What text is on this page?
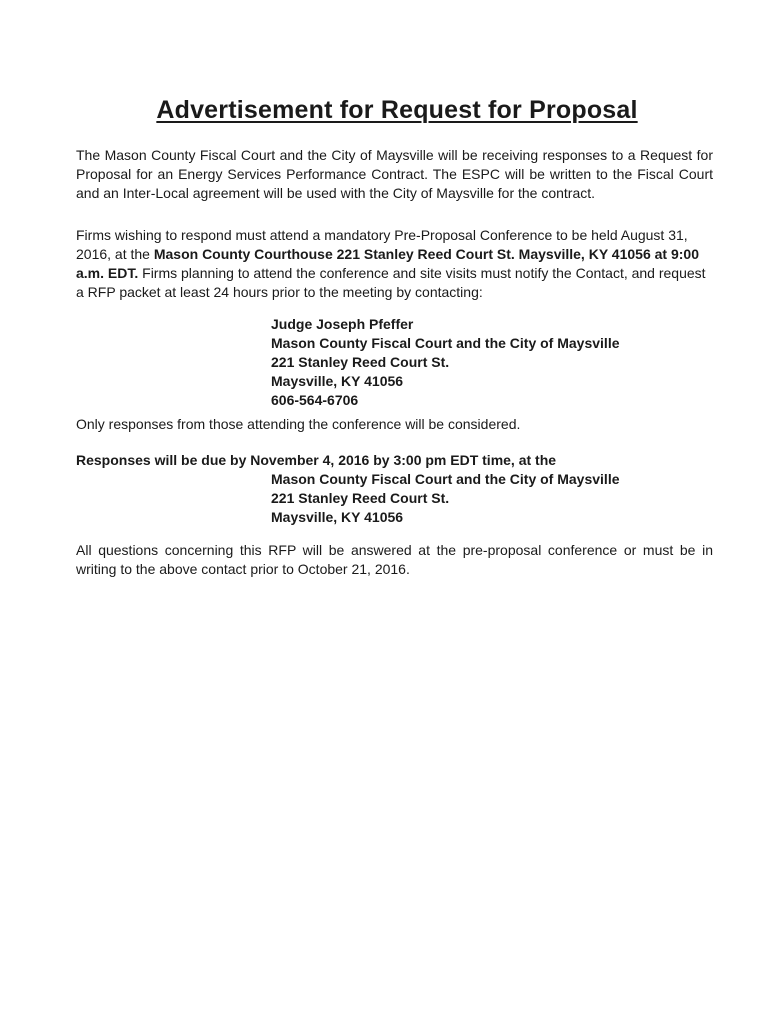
Advertisement for Request for Proposal
The Mason County Fiscal Court and the City of Maysville will be receiving responses to a Request for Proposal for an Energy Services Performance Contract. The ESPC will be written to the Fiscal Court and an Inter-Local agreement will be used with the City of Maysville for the contract.
Firms wishing to respond must attend a mandatory Pre-Proposal Conference to be held August 31, 2016, at the Mason County Courthouse 221 Stanley Reed Court St. Maysville, KY 41056 at 9:00 a.m. EDT. Firms planning to attend the conference and site visits must notify the Contact, and request a RFP packet at least 24 hours prior to the meeting by contacting:
Judge Joseph Pfeffer
Mason County Fiscal Court and the City of Maysville
221 Stanley Reed Court St.
Maysville, KY 41056
606-564-6706
Only responses from those attending the conference will be considered.
Responses will be due by November 4, 2016 by 3:00 pm EDT time, at the
Mason County Fiscal Court and the City of Maysville
221 Stanley Reed Court St.
Maysville, KY 41056
All questions concerning this RFP will be answered at the pre-proposal conference or must be in writing to the above contact prior to October 21, 2016.
